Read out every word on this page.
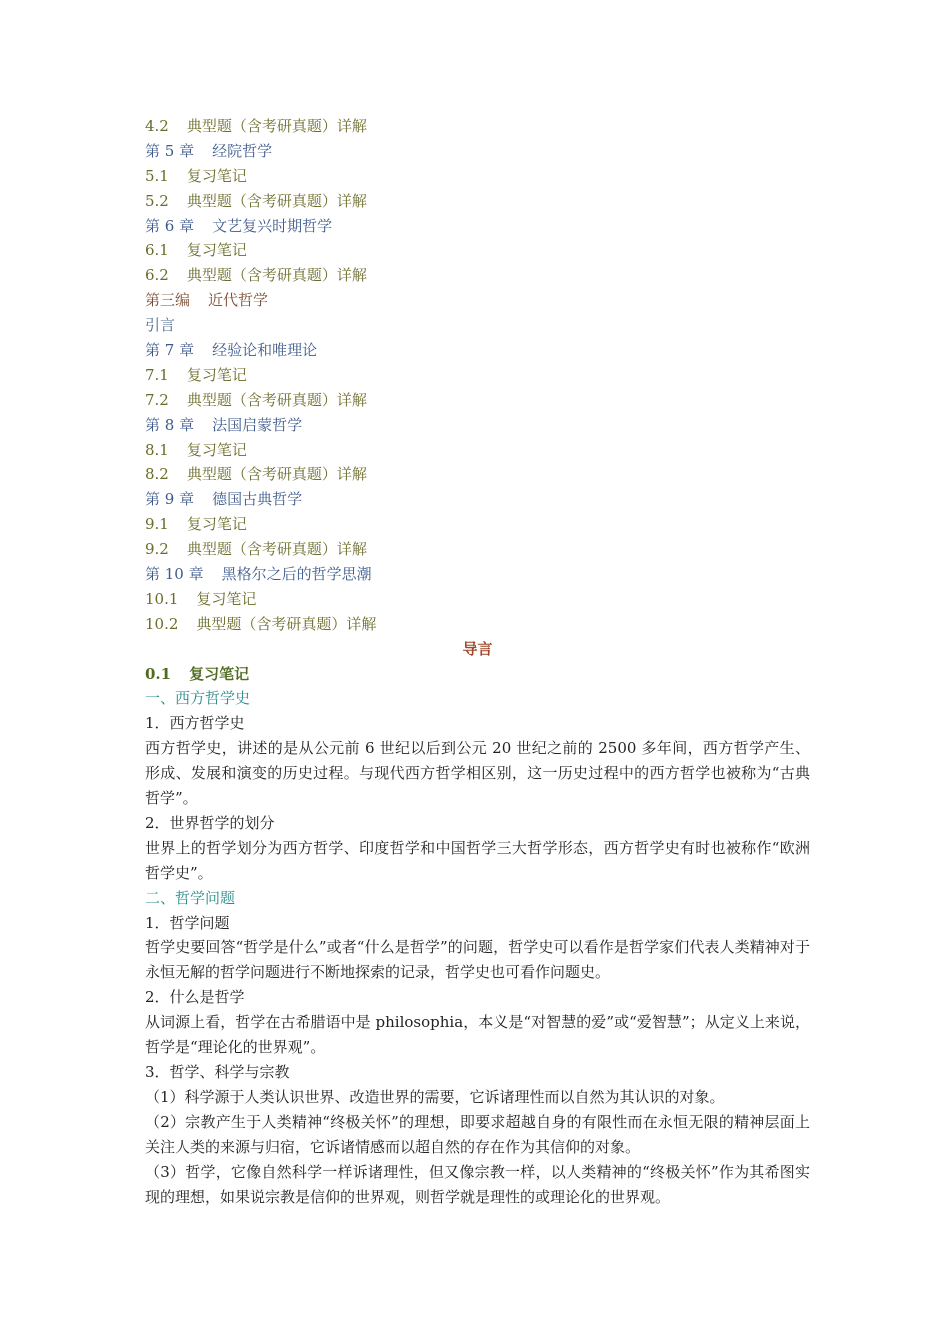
4.2 典型题（含考研真题）详解
第 5 章 经院哲学
5.1 复习笔记
5.2 典型题（含考研真题）详解
第 6 章 文艺复兴时期哲学
6.1 复习笔记
6.2 典型题（含考研真题）详解
第三编 近代哲学
引言
第 7 章 经验论和唯理论
7.1 复习笔记
7.2 典型题（含考研真题）详解
第 8 章 法国启蒙哲学
8.1 复习笔记
8.2 典型题（含考研真题）详解
第 9 章 德国古典哲学
9.1 复习笔记
9.2 典型题（含考研真题）详解
第 10 章 黑格尔之后的哲学思潮
10.1 复习笔记
10.2 典型题（含考研真题）详解
导言
0.1 复习笔记
一、西方哲学史
1．西方哲学史
西方哲学史，讲述的是从公元前 6 世纪以后到公元 20 世纪之前的 2500 多年间，西方哲学产生、形成、发展和演变的历史过程。与现代西方哲学相区别，这一历史过程中的西方哲学也被称为“古典哲学”。
2．世界哲学的划分
世界上的哲学划分为西方哲学、印度哲学和中国哲学三大哲学形态，西方哲学史有时也被称作“欧洲哲学史”。
二、哲学问题
1．哲学问题
哲学史要回答“哲学是什么”或者“什么是哲学”的问题，哲学史可以看作是哲学家们代表人类精神对于永恒无解的哲学问题进行不断地探索的记录，哲学史也可看作问题史。
2．什么是哲学
从词源上看，哲学在古希腊语中是 philosophia，本义是“对智慧的爱”或“爱智慧”；从定义上来说，哲学是“理论化的世界观”。
3．哲学、科学与宗教
（1）科学源于人类认识世界、改造世界的需要，它诉诸理性而以自然为其认识的对象。
（2）宗教产生于人类精神“终极关怀”的理想，即要求超越自身的有限性而在永恒无限的精神层面上关注人类的来源与归宿，它诉诸情感而以超自然的存在作为其信仰的对象。
（3）哲学，它像自然科学一样诉诸理性，但又像宗教一样，以人类精神的“终极关怀”作为其希图实现的理想，如果说宗教是信仰的世界观，则哲学就是理性的或理论化的世界观。
